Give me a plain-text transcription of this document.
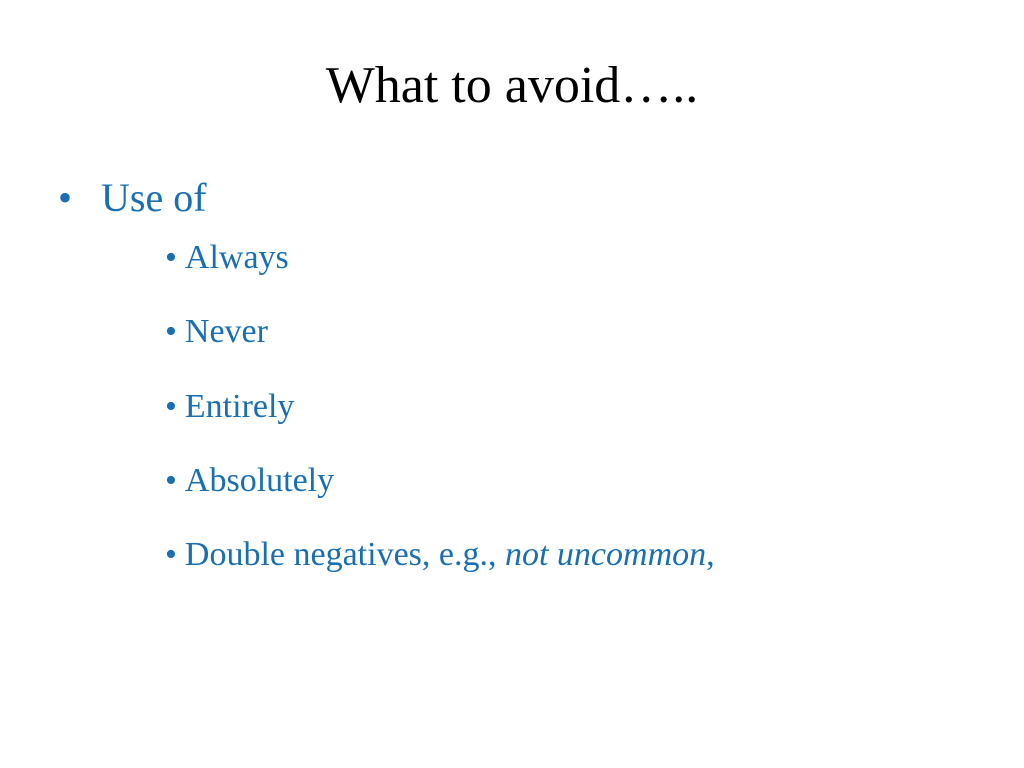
What to avoid…..
• Use of
• Always
• Never
• Entirely
• Absolutely
• Double negatives, e.g., not uncommon,
